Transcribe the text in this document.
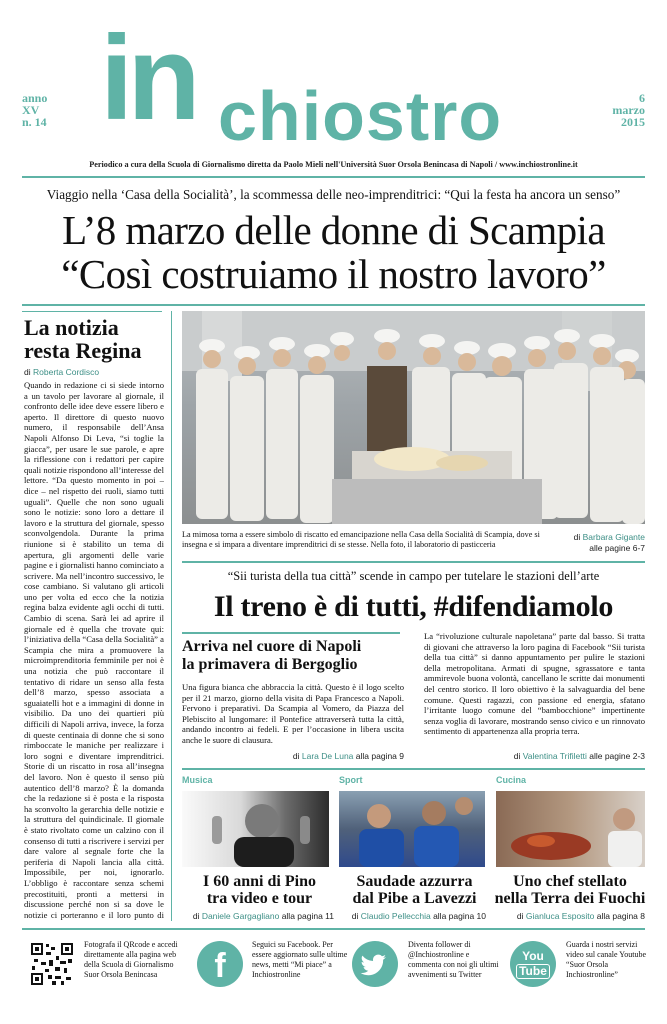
anno
XV
n. 14
6
marzo
2015
in chiostro
Periodico a cura della Scuola di Giornalismo diretta da Paolo Mieli nell'Università Suor Orsola Benincasa di Napoli / www.inchiostronline.it
Viaggio nella ‘Casa della Socialità’, la scommessa delle neo-imprenditrici: “Qui la festa ha ancora un senso”
L’8 marzo delle donne di Scampia
“Così costruiamo il nostro lavoro”
La notizia
resta Regina
di Roberta Cordisco
Quando in redazione ci si siede intorno a un tavolo per lavorare al giornale, il confronto delle idee deve essere libero e aperto. Il direttore di questo nuovo numero, il responsabile dell’Ansa Napoli Alfonso Di Leva, “si toglie la giacca”, per usare le sue parole, e apre la riflessione con i redattori per capire quali notizie rispondono all’interesse del lettore. “Da questo momento in poi – dice – nel rispetto dei ruoli, siamo tutti uguali”. Quelle che non sono uguali sono le notizie: sono loro a dettare il lavoro e la struttura del giornale, spesso sconvolgendola. Durante la prima riunione si è stabilito un tema di apertura, gli argomenti delle varie pagine e i giornalisti hanno cominciato a scrivere. Ma nell’incontro successivo, le cose cambiano. Si valutano gli articoli uno per volta ed ecco che la notizia regina balza evidente agli occhi di tutti. Cambio di scena. Sarà lei ad aprire il giornale ed è quella che trovate qui: l’iniziativa della “Casa della Socialità” a Scampia che mira a promuovere la microimprenditoria femminile per noi è una notizia che può raccontare il tentativo di ridare un senso alla festa dell’8 marzo, spesso associata a sguaiatelli hot e a immagini di donne in visibilio. Da uno dei quartieri più difficili di Napoli arriva, invece, la forza di queste centinaia di donne che si sono rimboccate le maniche per realizzare i loro sogni e diventare imprenditrici. Storie di un riscatto in rosa all’insegna del lavoro. Non è questo il senso più autentico dell’8 marzo? È la domanda che la redazione si è posta e la risposta ha sconvolto la gerarchia delle notizie e la struttura del quindicinale. Il giornale è stato rivoltato come un calzino con il consenso di tutti a riscrivere i servizi per dare valore al segnale forte che la periferia di Napoli lancia alla città. Impossibile, per noi, ignorarlo. L’obbligo è raccontare senza schemi precostituiti, pronti a mettersi in discussione perché non si sa dove le notizie ci porteranno e il loro punto di
La mimosa torna a essere simbolo di riscatto ed emancipazione nella Casa della Socialità di Scampia, dove si insegna e si impara a diventare imprenditrici di se stesse. Nella foto, il laboratorio di pasticceria
di Barbara Gigante
alle pagine 6-7
“Sii turista della tua città” scende in campo per tutelare le stazioni dell’arte
Il treno è di tutti, #difendiamolo
Arriva nel cuore di Napoli
la primavera di Bergoglio
Una figura bianca che abbraccia la città. Questo è il logo scelto per il 21 marzo, giorno della visita di Papa Francesco a Napoli. Fervono i preparativi. Da Scampia al Vomero, da Piazza del Plebiscito al lungomare: il Pontefice attraverserà tutta la città, andando incontro ai fedeli. E per l’occasione in libera uscita anche le suore di clausura.
di Lara De Luna alla pagina 9
La “rivoluzione culturale napoletana” parte dal basso. Si tratta di giovani che attraverso la loro pagina di Facebook “Sii turista della tua città” si danno appuntamento per pulire le stazioni della metropolitana. Armati di spugne, sgrassatore e tanta ammirevole buona volontà, cancellano le scritte dai monumenti del centro storico. Il loro obiettivo è la salvaguardia del bene comune. Questi ragazzi, con passione ed energia, sfatano l’irritante luogo comune del “bambocchione” impertinente senza voglia di lavorare, mostrando senso civico e un rinnovato sentimento di appartenenza alla propria terra.
di Valentina Trifiletti alle pagine 2-3
Musica
I 60 anni di Pino
tra video e tour
di Daniele Gargagliano alla pagina 11
Sport
Saudade azzurra
dal Pibe a Lavezzi
di Claudio Pellecchia alla pagina 10
Cucina
Uno chef stellato
nella Terra dei Fuochi
di Gianluca Esposito alla pagina 8
Fotografa il QRcode e accedi direttamente alla pagina web della Scuola di Giornalismo Suor Orsola Benincasa	f
Seguici su Facebook. Per essere aggiornato sulle ultime news, metti “Mi piace” a Inchiostronline
Diventa follower di @Inchiostronline e commenta con noi gli ultimi avvenimenti su Twitter
You
Tube
Guarda i nostri servizi video sul canale Youtube “Suor Orsola Inchiostronline”
